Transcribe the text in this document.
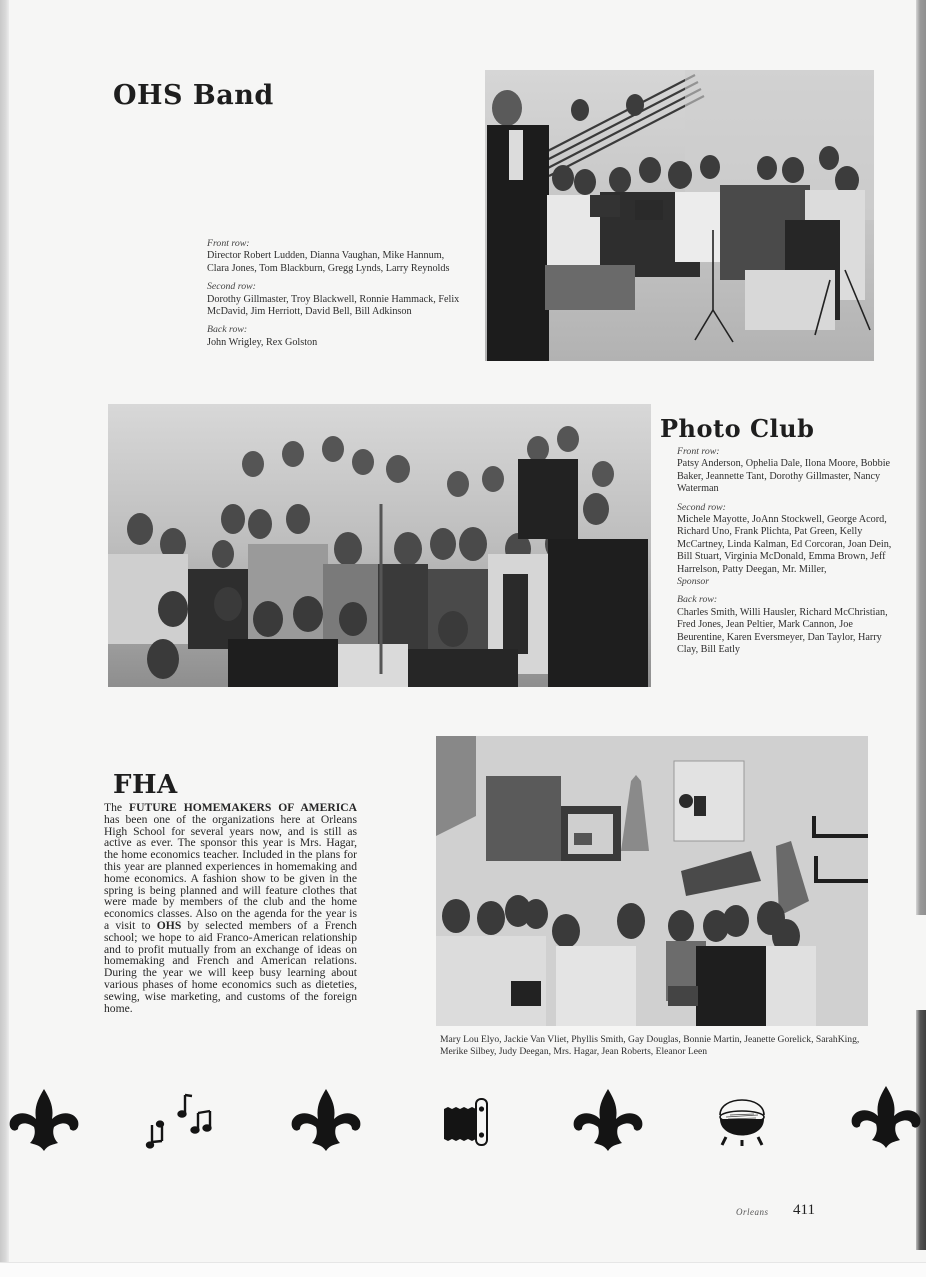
OHS Band
Front row:
Director Robert Ludden, Dianna Vaughan, Mike Hannum, Clara Jones, Tom Blackburn, Gregg Lynds, Larry Reynolds
Second row:
Dorothy Gillmaster, Troy Blackwell, Ronnie Hammack, Felix McDavid, Jim Herriott, David Bell, Bill Adkinson
Back row:
John Wrigley, Rex Golston
Photo Club
Front row:
Patsy Anderson, Ophelia Dale, Ilona Moore, Bobbie Baker, Jeannette Tant, Dorothy Gillmaster, Nancy Waterman
Second row:
Michele Mayotte, JoAnn Stockwell, George Acord, Richard Uno, Frank Plichta, Pat Green, Kelly McCartney, Linda Kalman, Ed Corcoran, Joan Dein, Bill Stuart, Virginia McDonald, Emma Brown, Jeff Harrelson, Patty Deegan, Mr. Miller,
Sponsor
Back row:
Charles Smith, Willi Hausler, Richard McChristian, Fred Jones, Jean Peltier, Mark Cannon, Joe Beurentine, Karen Eversmeyer, Dan Taylor, Harry Clay, Bill Eatly
FHA
The FUTURE HOMEMAKERS OF AMERICA has been one of the organizations here at Orleans High School for several years now, and is still as active as ever. The sponsor this year is Mrs. Hagar, the home economics teacher. Included in the plans for this year are planned experiences in homemaking and home economics. A fashion show to be given in the spring is being planned and will feature clothes that were made by members of the club and the home economics classes. Also on the agenda for the year is a visit to OHS by selected members of a French school; we hope to aid Franco-American relationship and to profit mutually from an exchange of ideas on homemaking and French and American relations. During the year we will keep busy learning about various phases of home economics such as dieteties, sewing, wise marketing, and customs of the foreign home.
Mary Lou Elyo, Jackie Van Vliet, Phyllis Smith, Gay Douglas, Bonnie Martin, Jeanette Gorelick, SarahKing, Merike Silbey, Judy Deegan, Mrs. Hagar, Jean Roberts, Eleanor Leen
Orleans 411
